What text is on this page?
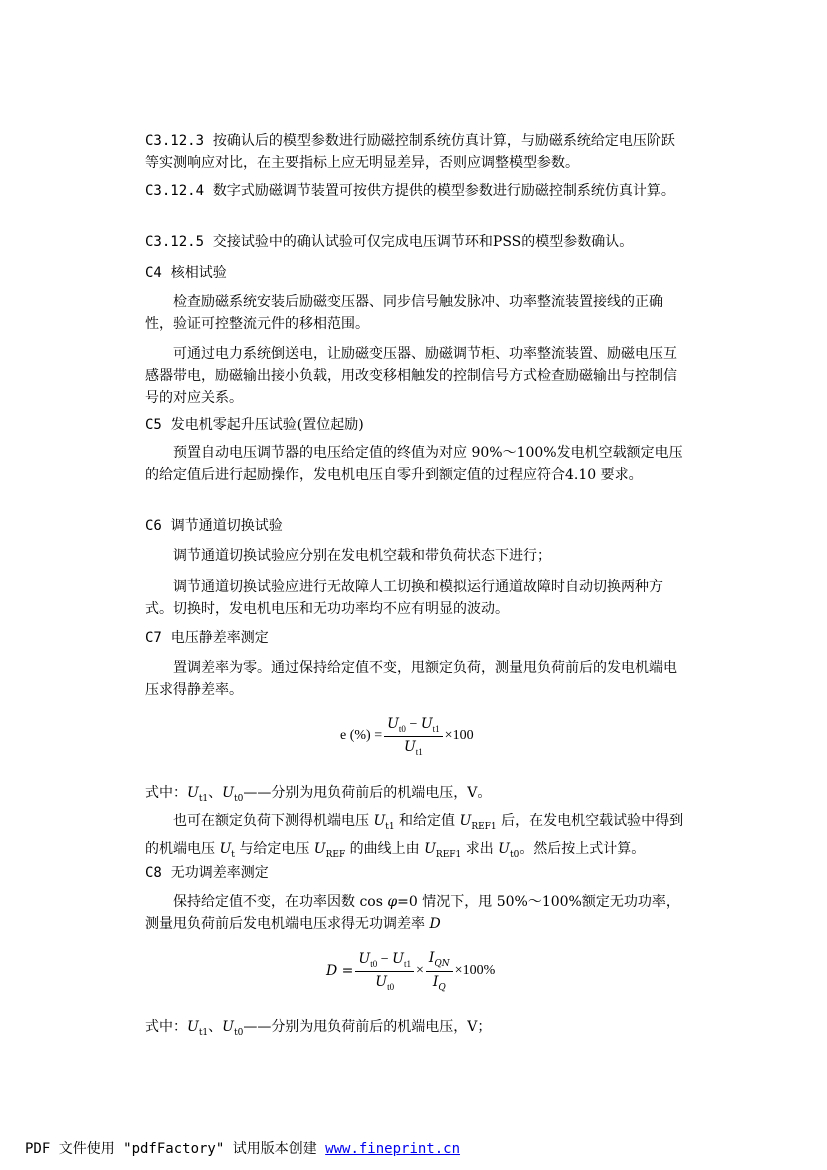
C3.12.3 按确认后的模型参数进行励磁控制系统仿真计算，与励磁系统给定电压阶跃等实测响应对比，在主要指标上应无明显差异，否则应调整模型参数。

C3.12.4 数字式励磁调节装置可按供方提供的模型参数进行励磁控制系统仿真计算。

C3.12.5 交接试验中的确认试验可仅完成电压调节环和PSS的模型参数确认。

C4 核相试验

检查励磁系统安装后励磁变压器、同步信号触发脉冲、功率整流装置接线的正确性，验证可控整流元件的移相范围。

可通过电力系统倒送电，让励磁变压器、励磁调节柜、功率整流装置、励磁电压互感器带电，励磁输出接小负载，用改变移相触发的控制信号方式检查励磁输出与控制信号的对应关系。

C5 发电机零起升压试验(置位起励)

预置自动电压调节器的电压给定值的终值为对应 90%～100%发电机空载额定电压的给定值后进行起励操作，发电机电压自零升到额定值的过程应符合4.10 要求。

C6 调节通道切换试验

调节通道切换试验应分别在发电机空载和带负荷状态下进行；

调节通道切换试验应进行无故障人工切换和模拟运行通道故障时自动切换两种方式。切换时，发电机电压和无功功率均不应有明显的波动。

C7 电压静差率测定

置调差率为零。通过保持给定值不变，甩额定负荷，测量甩负荷前后的发电机端电压求得静差率。

e (%) = $\frac{U_{t0} - U_{t1}}{U_{t1}} \times 100$

式中：$U_{t1}$、$U_{t0}——$分别为甩负荷前后的机端电压，V。

也可在额定负荷下测得机端电压 $U_{t1}$ 和给定值 $U_{REF1}$ 后，在发电机空载试验中得到的机端电压 $U_t$ 与给定电压 $U_{REF}$ 的曲线上由 $U_{REF1}$ 求出 $U_{t0}$。然后按上式计算。

C8 无功调差率测定

保持给定值不变，在功率因数 cos φ=0 情况下，甩 50%～100%额定无功功率，测量甩负荷前后发电机端电压求得无功调差率 D

$D = \frac{U_{t0} - U_{t1}}{U_{t0}} \times \frac{I_{QN}}{I_Q} \times 100\%$

式中：$U_{t1}$、$U_{t0}——$分别为甩负荷前后的机端电压，V；

PDF 文件使用 "pdfFactory" 试用版本创建 www.fineprint.cn
